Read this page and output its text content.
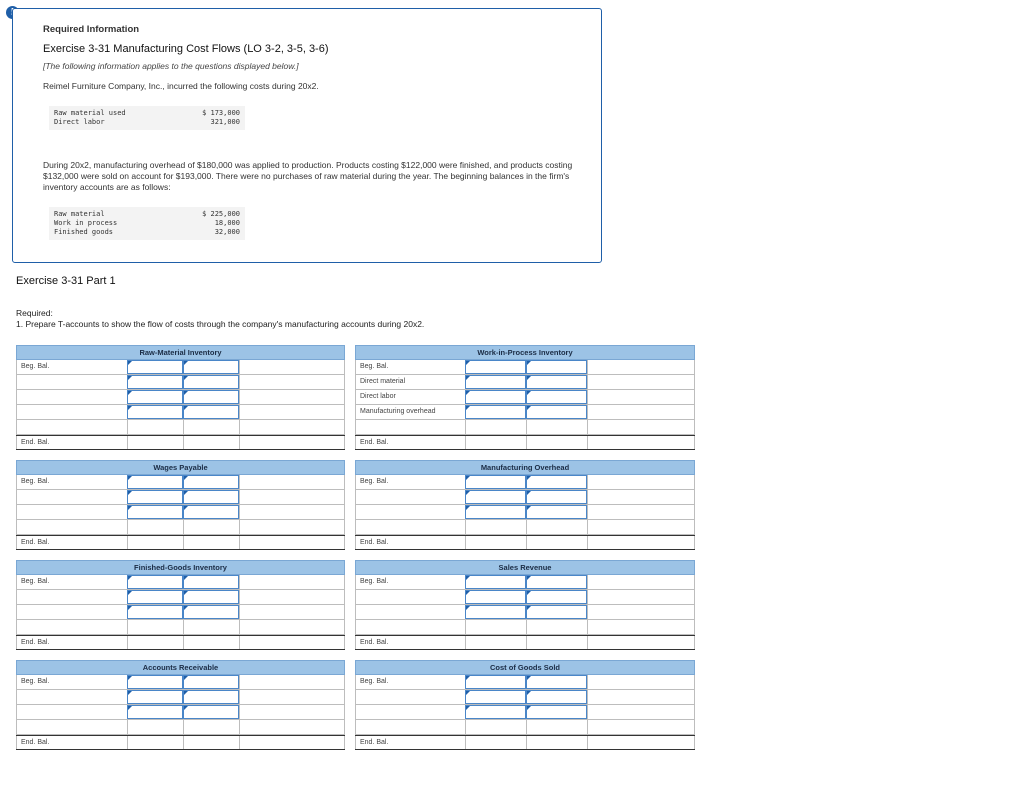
Required Information
Exercise 3-31 Manufacturing Cost Flows (LO 3-2, 3-5, 3-6)
[The following information applies to the questions displayed below.]
Reimel Furniture Company, Inc., incurred the following costs during 20x2.
Raw material used	$ 173,000
Direct labor	321,000
During 20x2, manufacturing overhead of $180,000 was applied to production. Products costing $122,000 were finished, and products costing $132,000 were sold on account for $193,000. There were no purchases of raw material during the year. The beginning balances in the firm's inventory accounts are as follows:
Raw material	$ 225,000
Work in process	18,000
Finished goods	32,000
Exercise 3-31 Part 1
Required:
1. Prepare T-accounts to show the flow of costs through the company's manufacturing accounts during 20x2.
Raw-Material Inventory
Beg. Bal.
End. Bal.
Work-in-Process Inventory
Beg. Bal.
Direct material
Direct labor
Manufacturing overhead
End. Bal.
Wages Payable
Beg. Bal.
End. Bal.
Manufacturing Overhead
Beg. Bal.
End. Bal.
Finished-Goods Inventory
Beg. Bal.
End. Bal.
Sales Revenue
Beg. Bal.
End. Bal.
Accounts Receivable
Beg. Bal.
End. Bal.
Cost of Goods Sold
Beg. Bal.
End. Bal.
